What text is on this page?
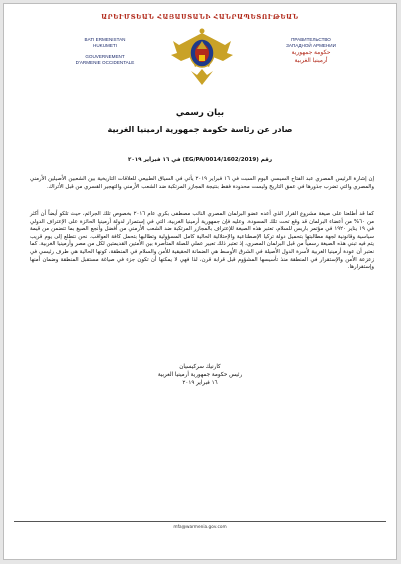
ԱՐԵՒՄՏԵԱՆ ՀԱՅԱՍՏԱՆԻ ՀԱՆՐԱՊԵՏՈՒԹԵԱՆ
BATI ERMENISTAN
HUKUMETI
GOUVERNEMENT
D'ARMENIE OCCIDENTALE
ПРАВИТЕЛЬСТВО
ЗАПАДНОЙ АРМЕНИИ
حكومة جمهورية
أرمينيا الغربية
بيان رسمي
صادر عن رئاسة حكومة جمهورية ارمينيا الغربية
رقم (EG/PA/0014/1602/2019) في ١٦ فبراير ٢٠١٩
إن إشارة الرئيس المصري عبد الفتاح السيسي اليوم السبت في ١٦ فبراير ٢٠١٩ يأتي في السياق الطبيعي للعلاقات التاريخية بين الشعبين الأصيلين الأرمني والمصري والتي تضرب جذورها في عمق التاريخ وليست محدودة فقط بنتيجة المجازر المرتكبة ضد الشعب الأرمني والتهجير القسري من قبل الأتراك.
كما قد أطلعنا على صيغة مشروع القرار الذي أعده عضو البرلمان المصري النائب مصطفى بكري عام ٢٠١٦ بخصوص تلك الجرائم، حيث تلكو أيضاً أن أكثر من ٦٠% من أعضاء البرلمان قد وقع تحت تلك المسودة. وعليه فإن جمهورية أرمينيا الغربية، التي في إستمرار لدولة أرمينيا الحائزة على الإعتراف الدولي في ١٩ يناير ١٩٢٠ في مؤتمر باريس للسلام، تعتبر هذه الصيغة للإعتراف بالمجازر المرتكبة ضد الشعب الأرمني من أفضل وأنجع الصيغ بما تتضمن من قيمة سياسية وقانونية لجهة مطالبتها بتحميل دولة تركيا الإصطناعية والإحتلالية الحالية كامل المسؤولية وتطالبها بتحمل كافة العواقب. نحن نتطلع إلى يوم قريب يتم فيه تبني هذه الصيغة رسمياً من قبل البرلمان المصري، إذ تعتبر ذلك تعبير عملي للصلة المتأصرة بين الأمتين القديمتين لكل من مصر وأرمينيا الغربية. كما نعتبر أن عودة أرمينيا الغربية لأسرة الدول الأصيلة في الشرق الأوسط هي الضمانة الحقيقية للأمن والسلام في المنطقة، كونها الحالية هي طرف رئيسي في زعزعة الأمن والإستقرار في المنطقة منذ تأسيسها المشؤوم قبل قرابة قرن، لذا فهي لا يمكنها أن تكون جزء في صياغة مستقبل المنطقة وضمان أمنها وإستقرارها.
كارنيك سركيسيان
رئيس حكومة جمهورية أرمينيا الغربية
١٦ فبراير ٢٠١٩
mfa@warmenia.gov.com
